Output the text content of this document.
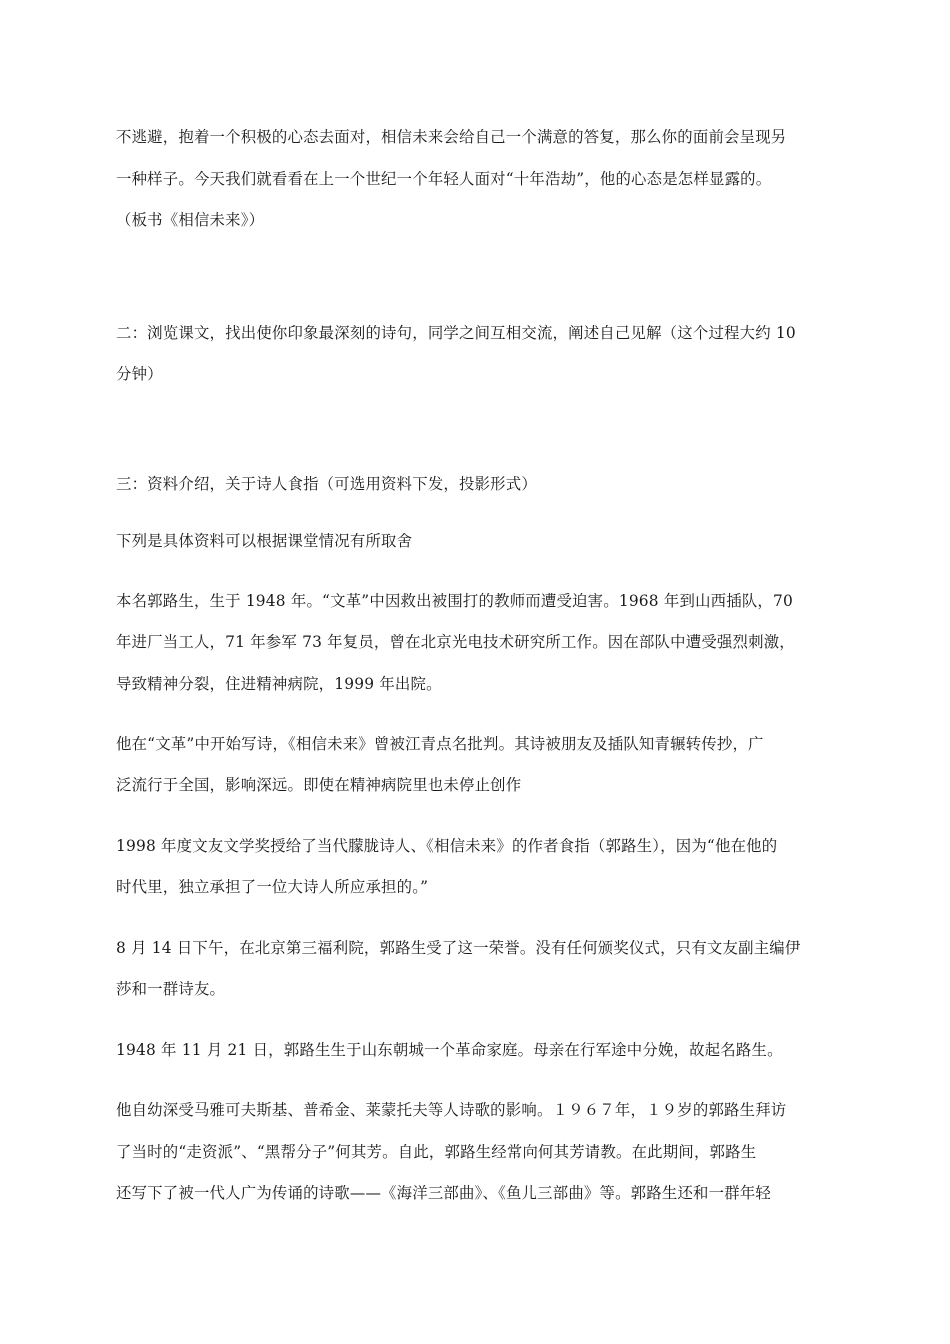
不逃避，抱着一个积极的心态去面对，相信未来会给自己一个满意的答复，那么你的面前会呈现另
一种样子。今天我们就看看在上一个世纪一个年轻人面对“十年浩劫”，他的心态是怎样显露的。
（板书《相信未来》）
二：浏览课文，找出使你印象最深刻的诗句，同学之间互相交流，阐述自己见解（这个过程大约 10
分钟）
三：资料介绍，关于诗人食指（可选用资料下发，投影形式）
下列是具体资料可以根据课堂情况有所取舍
本名郭路生，生于 1948 年。“文革”中因救出被围打的教师而遭受迫害。1968 年到山西插队，70
年进厂当工人，71 年参军 73 年复员，曾在北京光电技术研究所工作。因在部队中遭受强烈刺激，
导致精神分裂，住进精神病院，1999 年出院。
他在“文革”中开始写诗，《相信未来》曾被江青点名批判。其诗被朋友及插队知青辗转传抄，广
泛流行于全国，影响深远。即使在精神病院里也未停止创作
1998 年度文友文学奖授给了当代朦胧诗人、《相信未来》的作者食指（郭路生），因为“他在他的
时代里，独立承担了一位大诗人所应承担的。”
8 月 14 日下午，在北京第三福利院，郭路生受了这一荣誉。没有任何颁奖仪式，只有文友副主编伊
莎和一群诗友。
1948 年 11 月 21 日，郭路生生于山东朝城一个革命家庭。母亲在行军途中分娩，故起名路生。
他自幼深受马雅可夫斯基、普希金、莱蒙托夫等人诗歌的影响。１９６７年，１９岁的郭路生拜访
了当时的“走资派”、“黑帮分子”何其芳。自此，郭路生经常向何其芳请教。在此期间，郭路生
还写下了被一代人广为传诵的诗歌——《海洋三部曲》、《鱼儿三部曲》等。郭路生还和一群年轻
